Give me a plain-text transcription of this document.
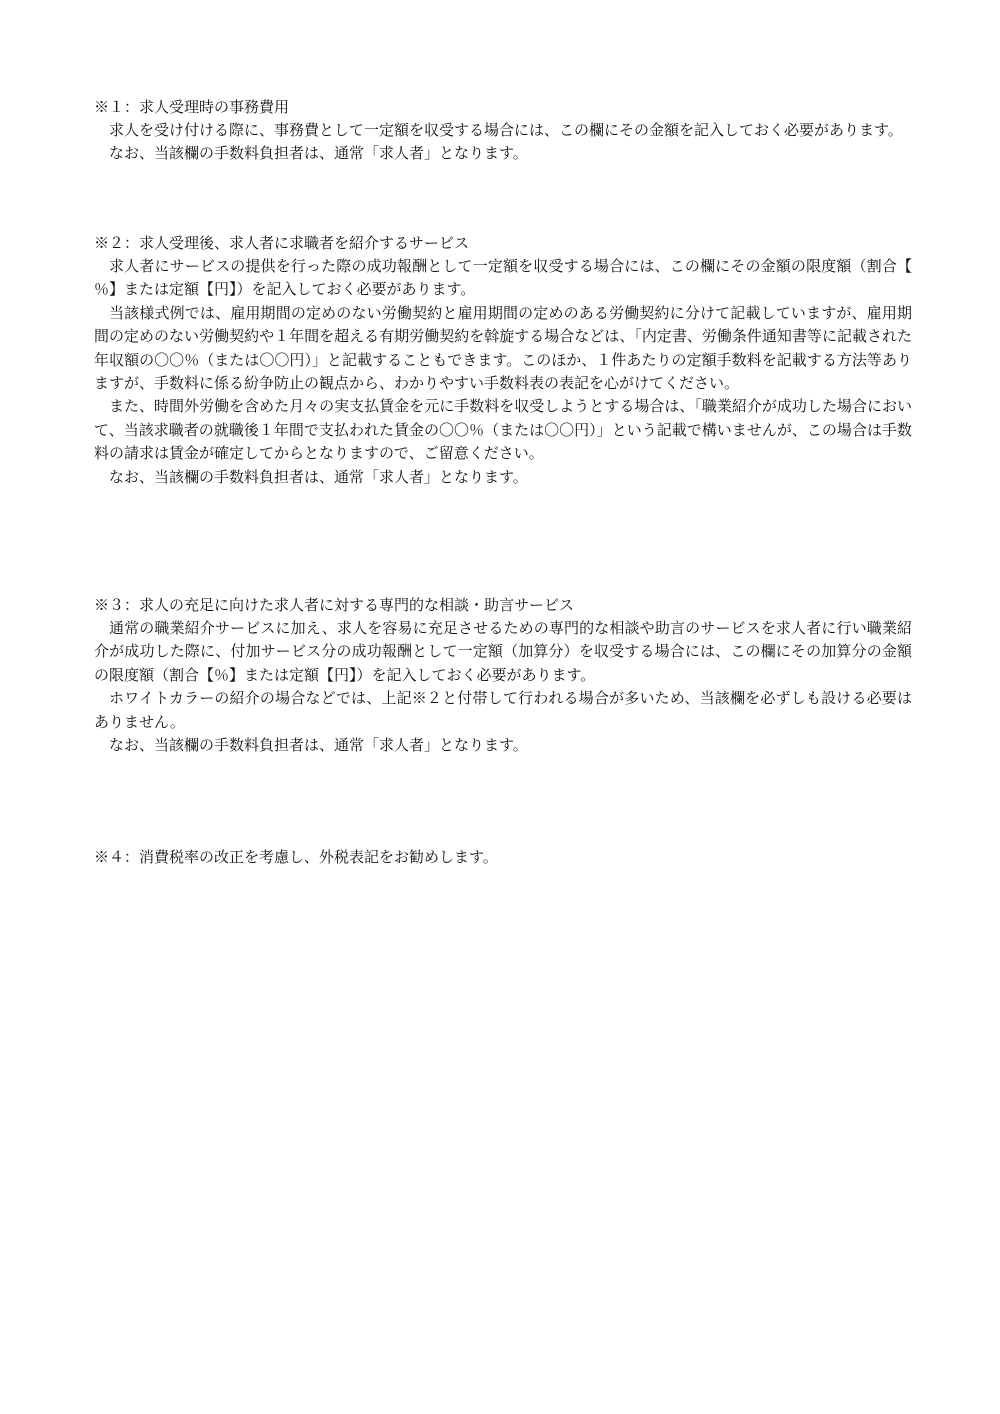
※１：求人受理時の事務費用

求人を受け付ける際に、事務費として一定額を収受する場合には、この欄にその金額を記入しておく必要があります。

なお、当該欄の手数料負担者は、通常「求人者」となります。

※２：求人受理後、求人者に求職者を紹介するサービス

求人者にサービスの提供を行った際の成功報酬として一定額を収受する場合には、この欄にその金額の限度額（割合【％】または定額【円】）を記入しておく必要があります。

当該様式例では、雇用期間の定めのない労働契約と雇用期間の定めのある労働契約に分けて記載していますが、雇用期間の定めのない労働契約や１年間を超える有期労働契約を斡旋する場合などは、「内定書、労働条件通知書等に記載された年収額の〇〇％（または〇〇円）」と記載することもできます。このほか、１件あたりの定額手数料を記載する方法等ありますが、手数料に係る紛争防止の観点から、わかりやすい手数料表の表記を心がけてください。

また、時間外労働を含めた月々の実支払賃金を元に手数料を収受しようとする場合は、「職業紹介が成功した場合において、当該求職者の就職後１年間で支払われた賃金の〇〇％（または〇〇円）」という記載で構いませんが、この場合は手数料の請求は賃金が確定してからとなりますので、ご留意ください。

なお、当該欄の手数料負担者は、通常「求人者」となります。

※３：求人の充足に向けた求人者に対する専門的な相談・助言サービス

通常の職業紹介サービスに加え、求人を容易に充足させるための専門的な相談や助言のサービスを求人者に行い職業紹介が成功した際に、付加サービス分の成功報酬として一定額（加算分）を収受する場合には、この欄にその加算分の金額の限度額（割合【％】または定額【円】）を記入しておく必要があります。

ホワイトカラーの紹介の場合などでは、上記※２と付帯して行われる場合が多いため、当該欄を必ずしも設ける必要はありません。

なお、当該欄の手数料負担者は、通常「求人者」となります。

※４：消費税率の改正を考慮し、外税表記をお勧めします。
